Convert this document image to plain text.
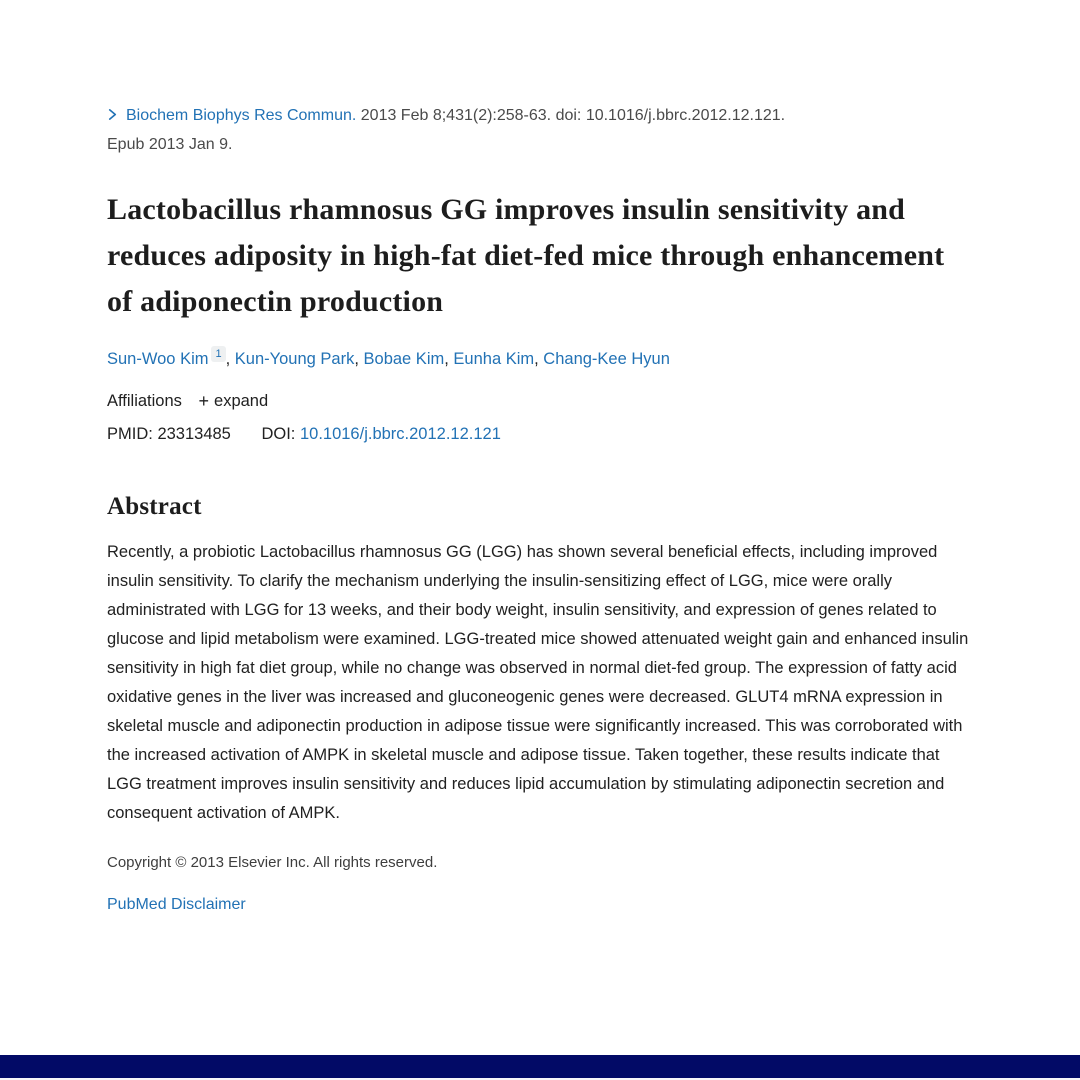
Biochem Biophys Res Commun. 2013 Feb 8;431(2):258-63. doi: 10.1016/j.bbrc.2012.12.121.
Epub 2013 Jan 9.
Lactobacillus rhamnosus GG improves insulin sensitivity and reduces adiposity in high-fat diet-fed mice through enhancement of adiponectin production
Sun-Woo Kim 1 , Kun-Young Park, Bobae Kim, Eunha Kim, Chang-Kee Hyun
Affiliations + expand
PMID: 23313485 DOI: 10.1016/j.bbrc.2012.12.121
Abstract

Recently, a probiotic Lactobacillus rhamnosus GG (LGG) has shown several beneficial effects, including improved insulin sensitivity. To clarify the mechanism underlying the insulin-sensitizing effect of LGG, mice were orally administrated with LGG for 13 weeks, and their body weight, insulin sensitivity, and expression of genes related to glucose and lipid metabolism were examined. LGG-treated mice showed attenuated weight gain and enhanced insulin sensitivity in high fat diet group, while no change was observed in normal diet-fed group. The expression of fatty acid oxidative genes in the liver was increased and gluconeogenic genes were decreased. GLUT4 mRNA expression in skeletal muscle and adiponectin production in adipose tissue were significantly increased. This was corroborated with the increased activation of AMPK in skeletal muscle and adipose tissue. Taken together, these results indicate that LGG treatment improves insulin sensitivity and reduces lipid accumulation by stimulating adiponectin secretion and consequent activation of AMPK.

Copyright © 2013 Elsevier Inc. All rights reserved.

PubMed Disclaimer
